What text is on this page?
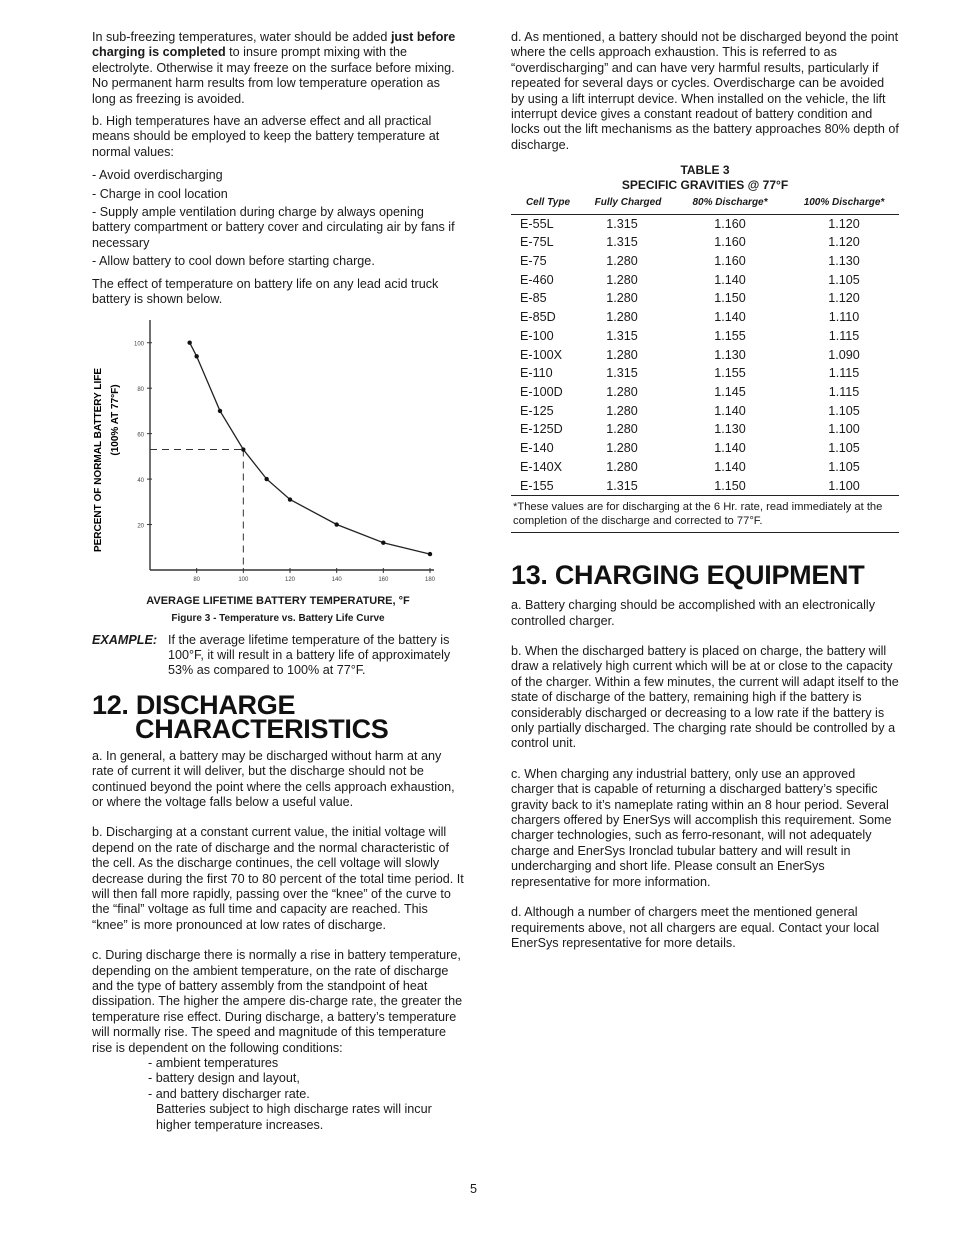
In sub-freezing temperatures, water should be added just before charging is completed to insure prompt mixing with the electrolyte. Otherwise it may freeze on the surface before mixing. No permanent harm results from low temperature operation as long as freezing is avoided.

b. High temperatures have an adverse effect and all practical means should be employed to keep the battery temperature at normal values:

- Avoid overdischarging
- Charge in cool location
- Supply ample ventilation during charge by always opening battery compartment or battery cover and circulating air by fans if necessary
- Allow battery to cool down before starting charge.

The effect of temperature on battery life on any lead acid truck battery is shown below.

PERCENT OF NORMAL BATTERY LIFE (100% AT 77°F)
20
40
60
80
100
80	100	120	140	160	180
AVERAGE LIFETIME BATTERY TEMPERATURE, °F
Figure 3 - Temperature vs. Battery Life Curve
EXAMPLE: If the average lifetime temperature of the battery is 100°F, it will result in a battery life of approximately 53% as compared to 100% at 77°F.
12. DISCHARGE
CHARACTERISTICS

a. In general, a battery may be discharged without harm at any rate of current it will deliver, but the discharge should not be continued beyond the point where the cells approach exhaustion, or where the voltage falls below a useful value.

b. Discharging at a constant current value, the initial voltage will depend on the rate of discharge and the normal characteristic of the cell. As the discharge continues, the cell voltage will slowly decrease during the first 70 to 80 percent of the total time period. It will then fall more rapidly, passing over the “knee” of the curve to the “final” voltage as full time and capacity are reached. This “knee” is more pronounced at low rates of discharge.

c. During discharge there is normally a rise in battery temperature, depending on the ambient temperature, on the rate of discharge and the type of battery assembly from the standpoint of heat dissipation. The higher the ampere dis-charge rate, the greater the temperature rise effect. During discharge, a battery’s temperature will normally rise. The speed and magnitude of this temperature rise is dependent on the following conditions:

- ambient temperatures
- battery design and layout,
- and battery discharger rate.
Batteries subject to high discharge rates will incur higher temperature increases.

d. As mentioned, a battery should not be discharged beyond the point where the cells approach exhaustion. This is referred to as “overdischarging” and can have very harmful results, particularly if repeated for several days or cycles. Overdischarge can be avoided by using a lift interrupt device. When installed on the vehicle, the lift interrupt device gives a constant readout of battery condition and locks out the lift mechanisms as the battery approaches 80% depth of discharge.

TABLE 3
SPECIFIC GRAVITIES @ 77°F
Cell Type	Fully Charged	80% Discharge*	100% Discharge*
E-55L	1.315	1.160	1.120
E-75L	1.315	1.160	1.120
E-75	1.280	1.160	1.130
E-460	1.280	1.140	1.105
E-85	1.280	1.150	1.120
E-85D	1.280	1.140	1.110
E-100	1.315	1.155	1.115
E-100X	1.280	1.130	1.090
E-110	1.315	1.155	1.115
E-100D	1.280	1.145	1.115
E-125	1.280	1.140	1.105
E-125D	1.280	1.130	1.100
E-140	1.280	1.140	1.105
E-140X	1.280	1.140	1.105
E-155	1.315	1.150	1.100
*These values are for discharging at the 6 Hr. rate, read immediately at the completion of the discharge and corrected to 77°F.			
13. CHARGING EQUIPMENT

a. Battery charging should be accomplished with an electronically controlled charger.

b. When the discharged battery is placed on charge, the battery will draw a relatively high current which will be at or close to the capacity of the charger. Within a few minutes, the current will adapt itself to the state of discharge of the battery, remaining high if the battery is considerably discharged or decreasing to a low rate if the battery is only partially discharged. The charging rate should be controlled by a control unit.

c. When charging any industrial battery, only use an approved charger that is capable of returning a discharged battery’s specific gravity back to it’s nameplate rating within an 8 hour period. Several chargers offered by EnerSys will accomplish this requirement. Some charger technologies, such as ferro-resonant, will not adequately charge and EnerSys Ironclad tubular battery and will result in undercharging and short life. Please consult an EnerSys representative for more information.

d. Although a number of chargers meet the mentioned general requirements above, not all chargers are equal. Contact your local EnerSys representative for more details.

5
